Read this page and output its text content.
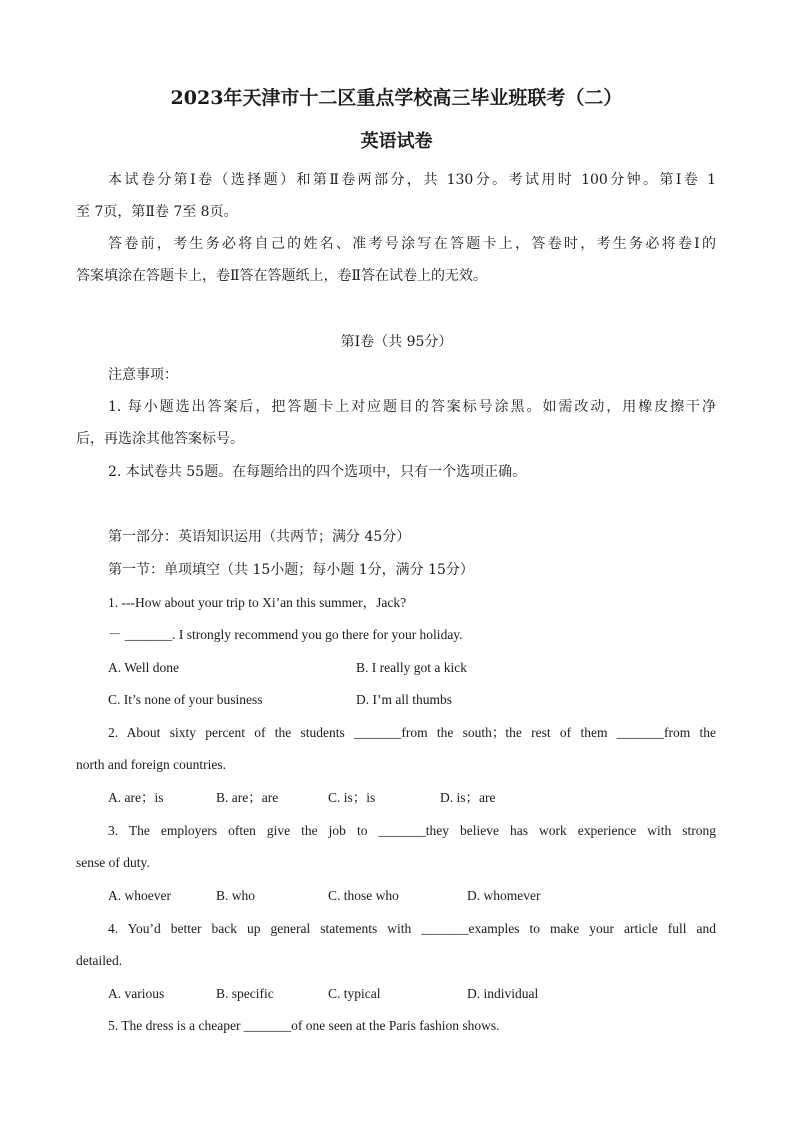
2023年天津市十二区重点学校高三毕业班联考（二）
英语试卷
本试卷分第Ⅰ卷（选择题）和第Ⅱ卷两部分，共 130分。考试用时 100分钟。第Ⅰ卷 1
至 7页，第Ⅱ卷 7至 8页。
答卷前，考生务必将自己的姓名、准考号涂写在答题卡上，答卷时，考生务必将卷Ⅰ的
答案填涂在答题卡上，卷Ⅱ答在答题纸上，卷Ⅱ答在试卷上的无效。
第Ⅰ卷（共 95分）
注意事项：
1. 每小题选出答案后，把答题卡上对应题目的答案标号涂黑。如需改动，用橡皮擦干净
后，再选涂其他答案标号。
2. 本试卷共 55题。在每题给出的四个选项中，只有一个选项正确。
第一部分：英语知识运用（共两节；满分 45分）
第一节：单项填空（共 15小题；每小题 1分，满分 15分）
1. ---How about your trip to Xi’an this summer，Jack?
－ _______. I strongly recommend you go there for your holiday.
A. Well done	B. I really got a kick
C. It’s none of your business	D. I’m all thumbs
2. About sixty percent of the students _______from the south；the rest of them _______from the
north and foreign countries.
A. are；is	B. are；are	C. is；is	D. is；are
3. The employers often give the job to _______they believe has work experience with strong
sense of duty.
A. whoever	B. who	C. those who	D. whomever
4. You’d better back up general statements with _______examples to make your article full and
detailed.
A. various	B. specific	C. typical	D. individual
5. The dress is a cheaper _______of one seen at the Paris fashion shows.
